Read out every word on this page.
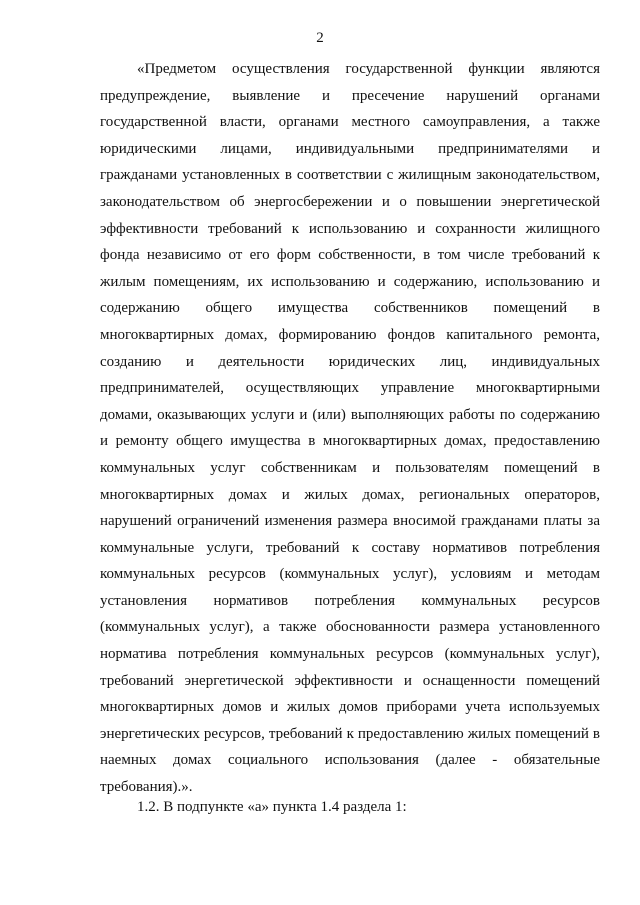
2
«Предметом осуществления государственной функции являются
предупреждение, выявление и пресечение нарушений органами
государственной власти, органами местного самоуправления, а также
юридическими лицами, индивидуальными предпринимателями и
гражданами установленных в соответствии с жилищным законодательством,
законодательством об энергосбережении и о повышении энергетической
эффективности требований к использованию и сохранности жилищного
фонда независимо от его форм собственности, в том числе требований к
жилым помещениям, их использованию и содержанию, использованию и
содержанию общего имущества собственников помещений в
многоквартирных домах, формированию фондов капитального ремонта,
созданию и деятельности юридических лиц, индивидуальных
предпринимателей, осуществляющих управление многоквартирными
домами, оказывающих услуги и (или) выполняющих работы по содержанию
и ремонту общего имущества в многоквартирных домах, предоставлению
коммунальных услуг собственникам и пользователям помещений в
многоквартирных домах и жилых домах, региональных операторов,
нарушений ограничений изменения размера вносимой гражданами платы за
коммунальные услуги, требований к составу нормативов потребления
коммунальных ресурсов (коммунальных услуг), условиям и методам
установления нормативов потребления коммунальных ресурсов
(коммунальных услуг), а также обоснованности размера установленного
норматива потребления коммунальных ресурсов (коммунальных услуг),
требований энергетической эффективности и оснащенности помещений
многоквартирных домов и жилых домов приборами учета используемых
энергетических ресурсов, требований к предоставлению жилых помещений в
наемных домах социального использования (далее - обязательные
требования).».
1.2. В подпункте «а» пункта 1.4 раздела 1:
